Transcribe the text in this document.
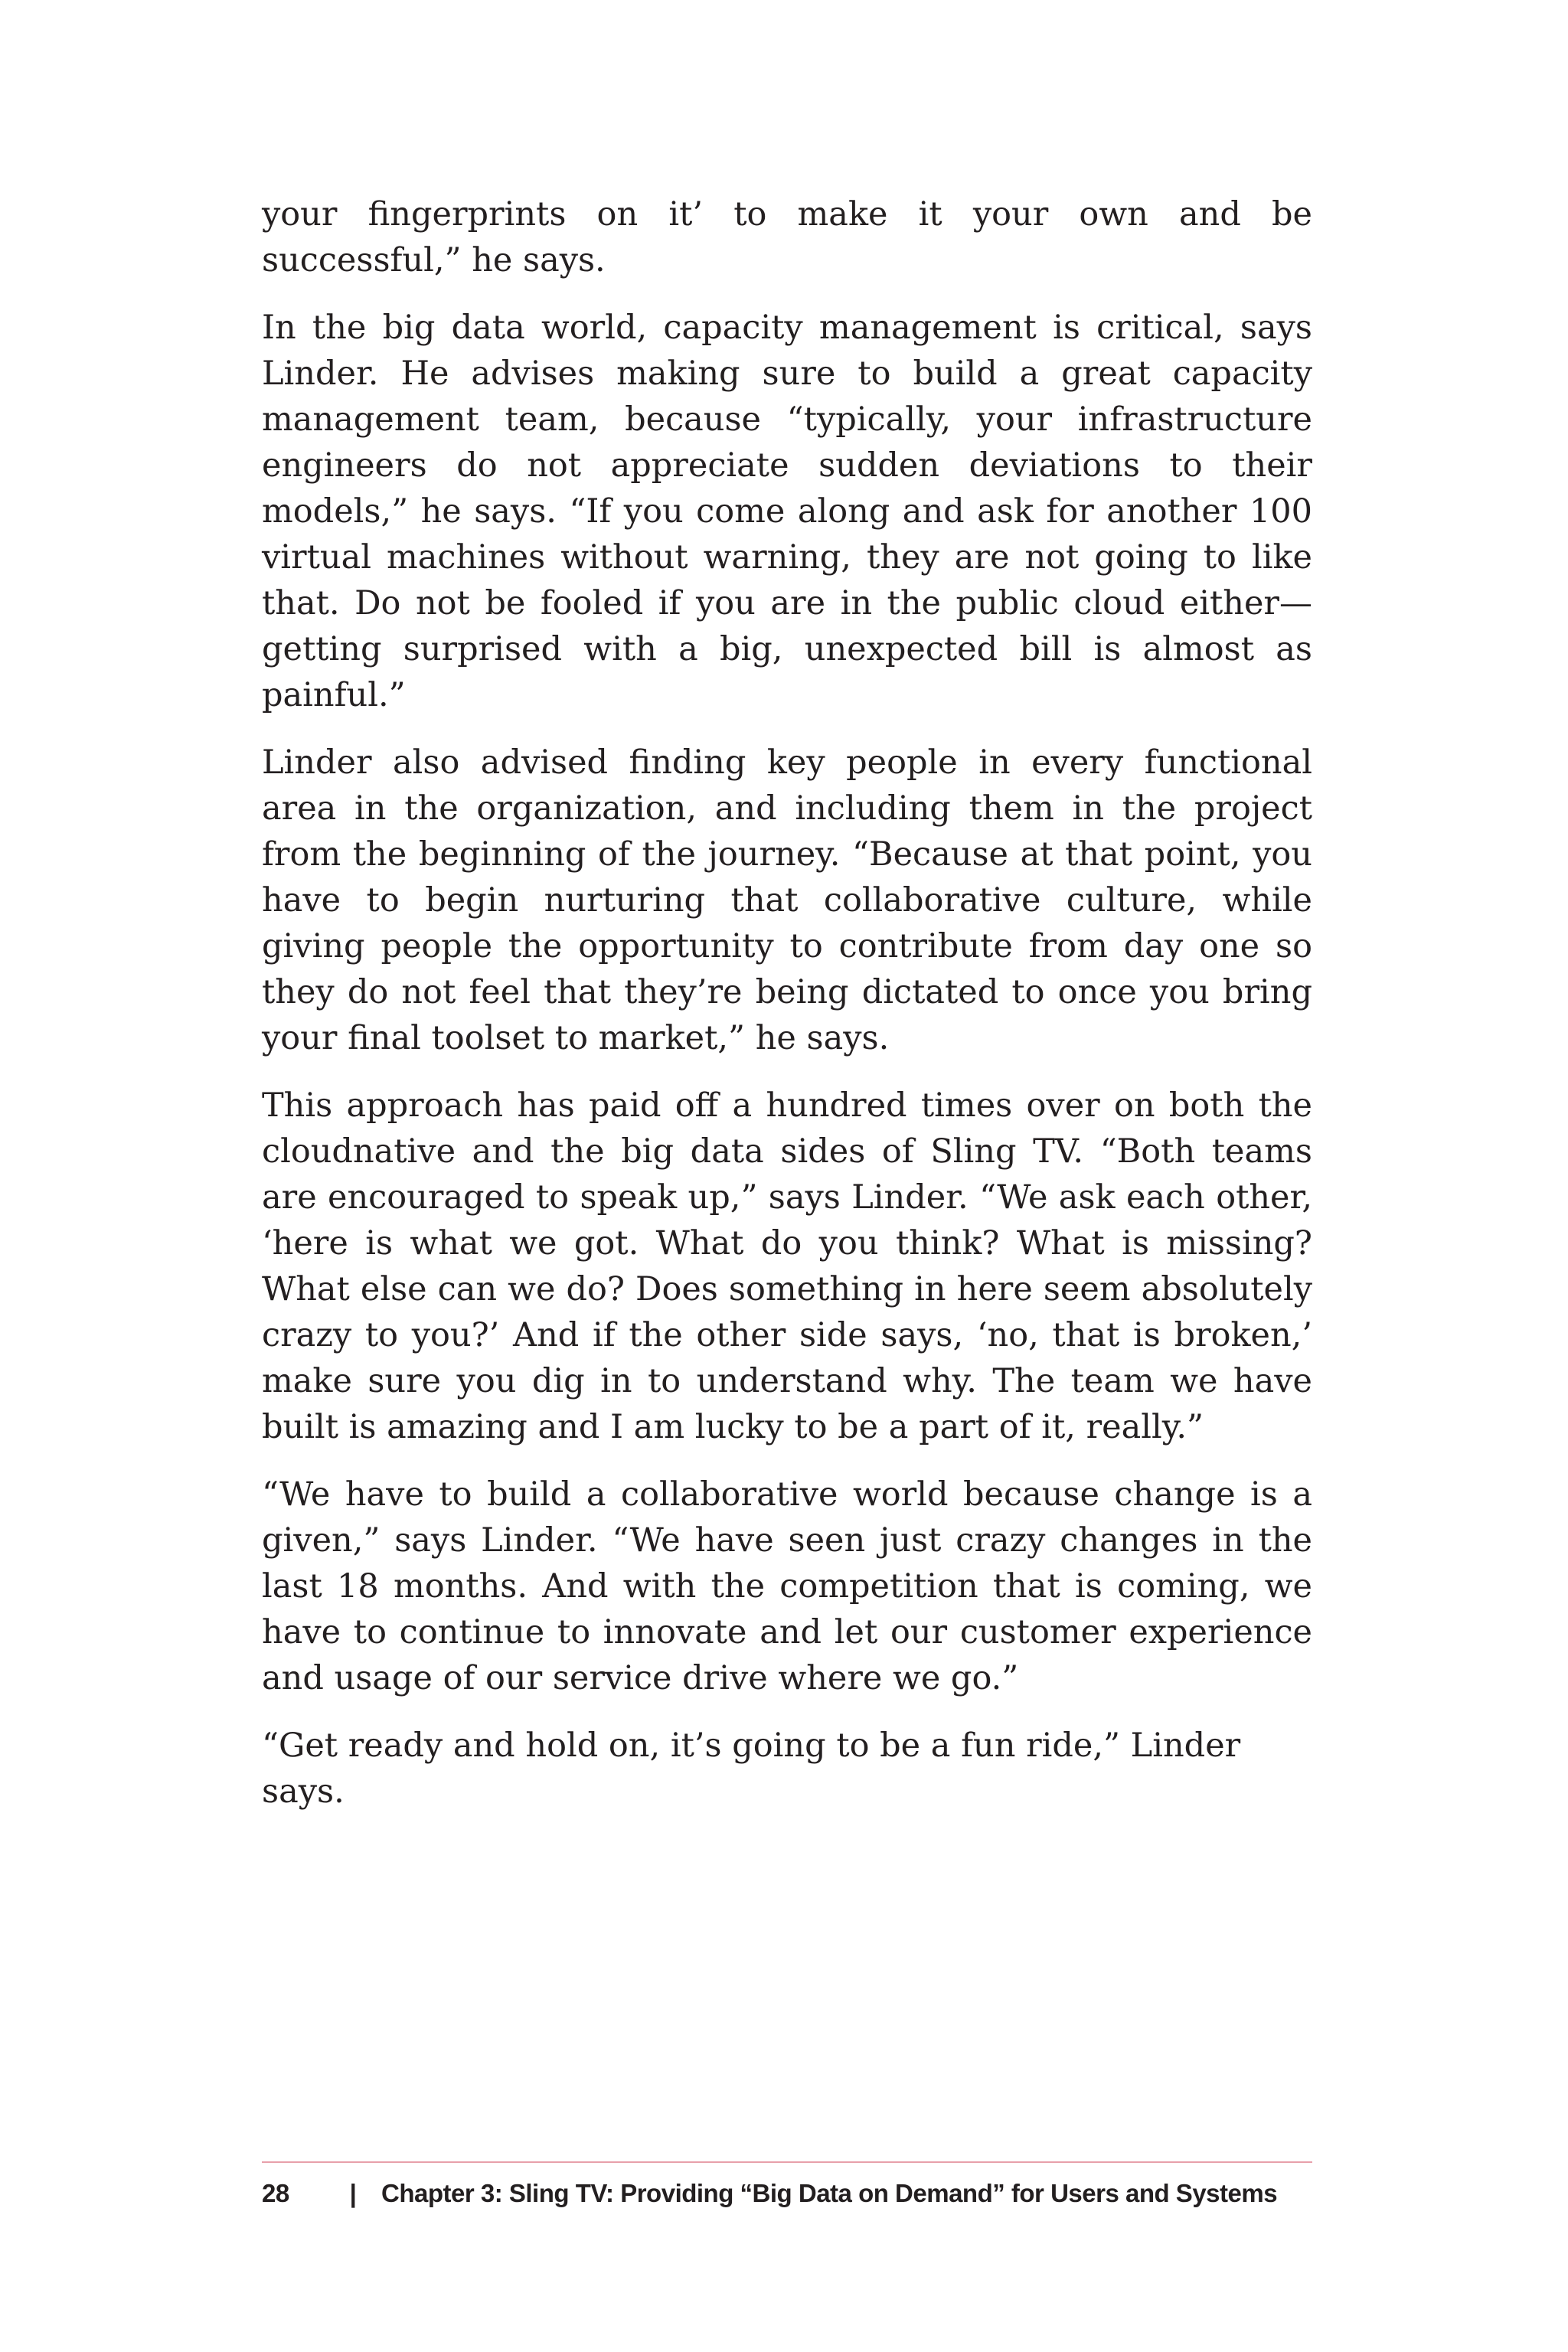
your fingerprints on it’ to make it your own and be successful,” he says.

In the big data world, capacity management is critical, says Linder. He advises making sure to build a great capacity management team, because “typically, your infrastructure engineers do not appreciate sudden deviations to their models,” he says. “If you come along and ask for another 100 virtual machines without warning, they are not going to like that. Do not be fooled if you are in the public cloud either—getting surprised with a big, unexpected bill is almost as painful.”

Linder also advised finding key people in every functional area in the organization, and including them in the project from the beginning of the journey. “Because at that point, you have to begin nurturing that collaborative culture, while giving people the opportunity to contribute from day one so they do not feel that they’re being dictated to once you bring your final toolset to market,” he says.

This approach has paid off a hundred times over on both the cloudnative and the big data sides of Sling TV. “Both teams are encouraged to speak up,” says Linder. “We ask each other, ‘here is what we got. What do you think? What is missing? What else can we do? Does something in here seem absolutely crazy to you?’ And if the other side says, ‘no, that is broken,’ make sure you dig in to understand why. The team we have built is amazing and I am lucky to be a part of it, really.”

“We have to build a collaborative world because change is a given,” says Linder. “We have seen just crazy changes in the last 18 months. And with the competition that is coming, we have to continue to innovate and let our customer experience and usage of our service drive where we go.”

“Get ready and hold on, it’s going to be a fun ride,” Linder says.

28 | Chapter 3: Sling TV: Providing “Big Data on Demand” for Users and Systems
